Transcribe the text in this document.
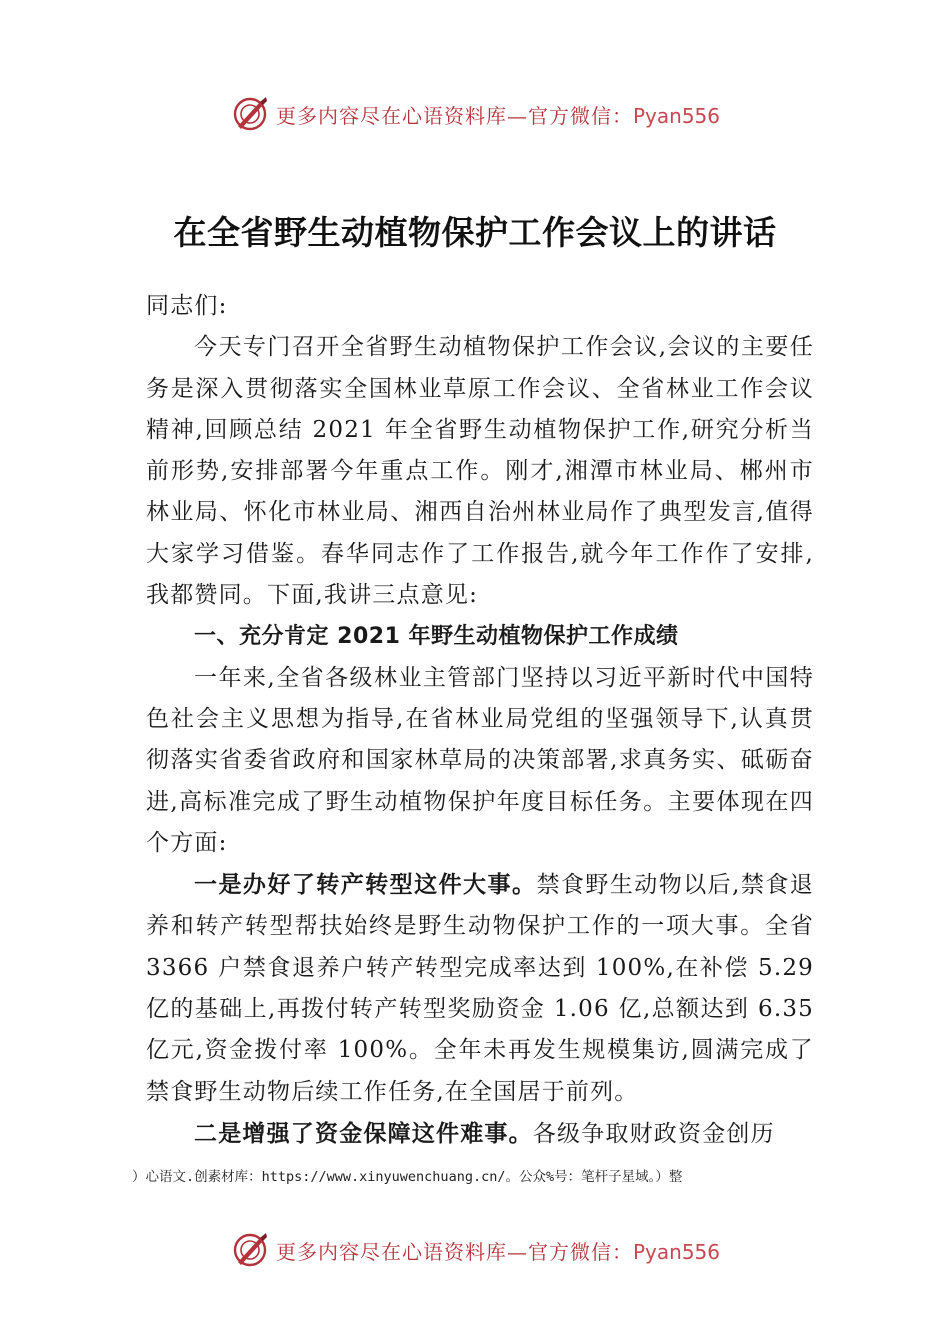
更多内容尽在心语资料库—官方微信：Pyan556
在全省野生动植物保护工作会议上的讲话

同志们:

今天专门召开全省野生动植物保护工作会议,会议的主要任务是深入贯彻落实全国林业草原工作会议、全省林业工作会议精神,回顾总结 2021 年全省野生动植物保护工作,研究分析当前形势,安排部署今年重点工作。刚才,湘潭市林业局、郴州市林业局、怀化市林业局、湘西自治州林业局作了典型发言,值得大家学习借鉴。春华同志作了工作报告,就今年工作作了安排,我都赞同。下面,我讲三点意见:

一、充分肯定 2021 年野生动植物保护工作成绩

一年来,全省各级林业主管部门坚持以习近平新时代中国特色社会主义思想为指导,在省林业局党组的坚强领导下,认真贯彻落实省委省政府和国家林草局的决策部署,求真务实、砥砺奋进,高标准完成了野生动植物保护年度目标任务。主要体现在四个方面:

一是办好了转产转型这件大事。禁食野生动物以后,禁食退养和转产转型帮扶始终是野生动物保护工作的一项大事。全省 3366 户禁食退养户转产转型完成率达到 100%,在补偿 5.29 亿的基础上,再拨付转产转型奖励资金 1.06 亿,总额达到 6.35 亿元,资金拨付率 100%。全年未再发生规模集访,圆满完成了禁食野生动物后续工作任务,在全国居于前列。

二是增强了资金保障这件难事。各级争取财政资金创历

）心语文.创素材库：https://www.xinyuwenchuang.cn/。公众%号：笔杆子星域。）整
更多内容尽在心语资料库—官方微信：Pyan556
